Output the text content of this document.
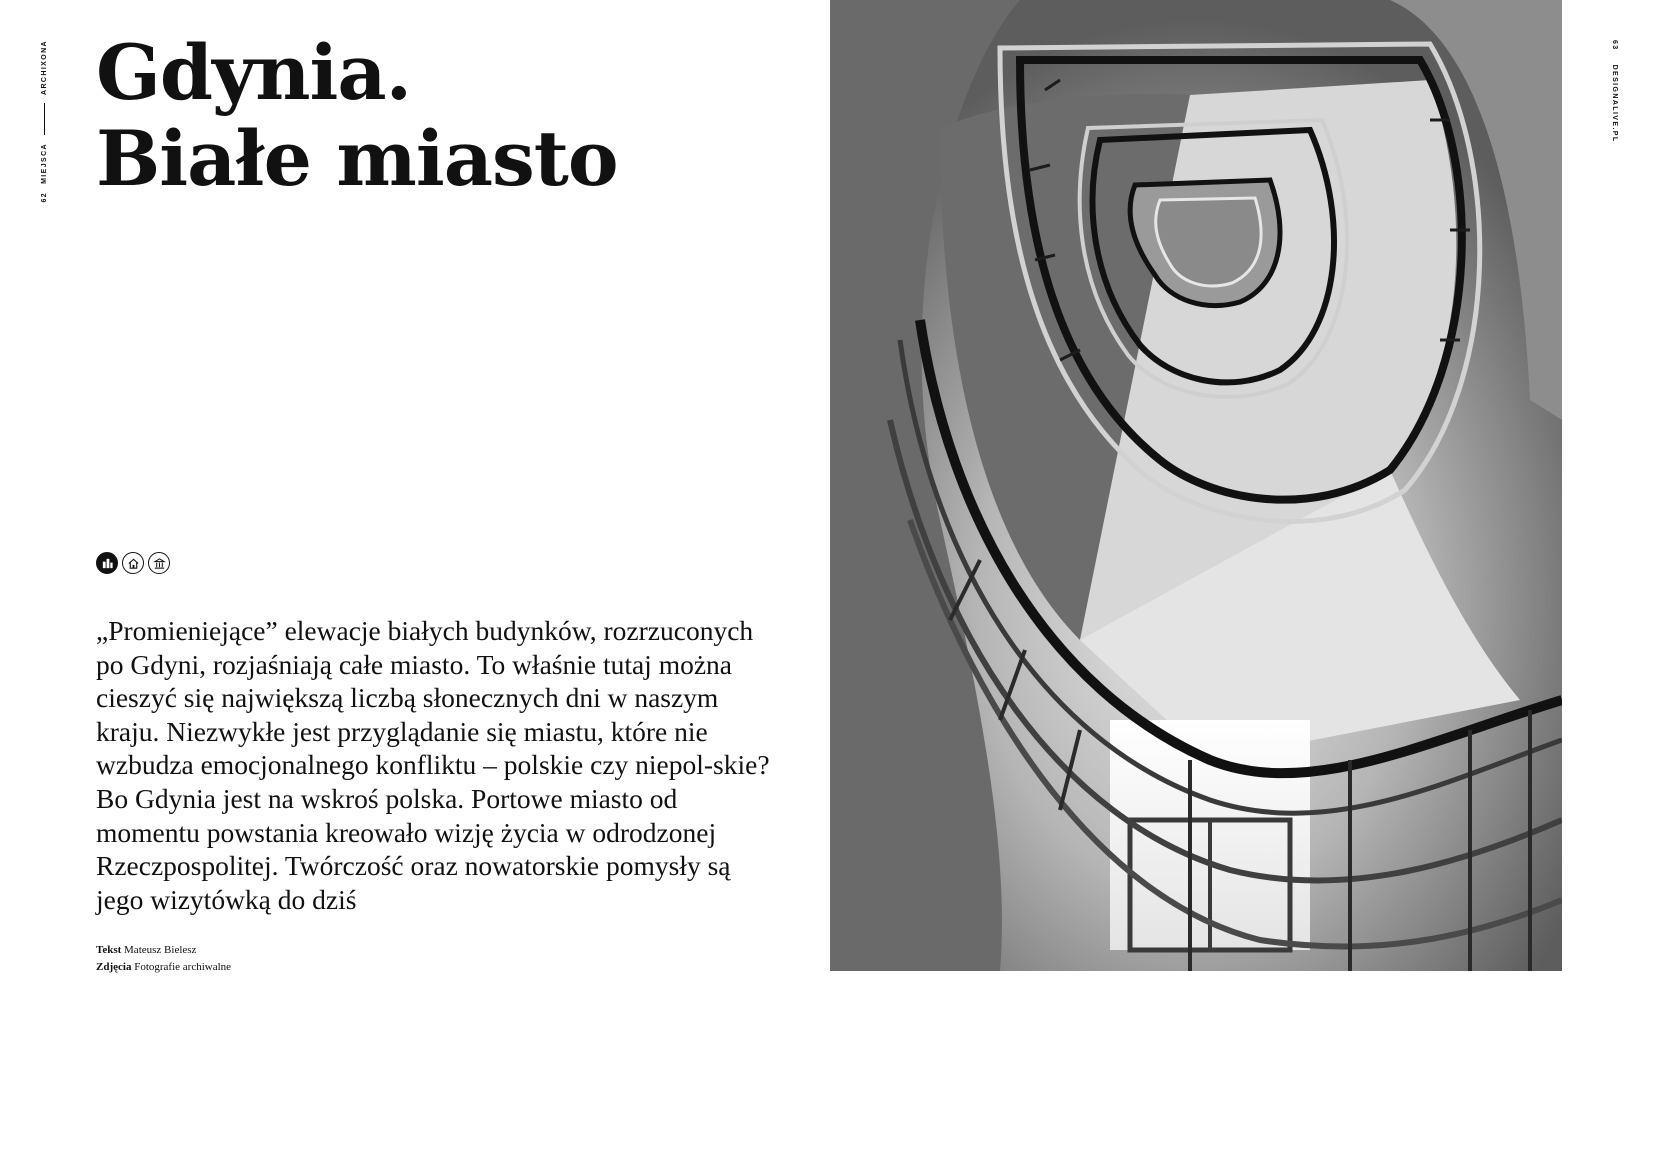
ARCHIXONA
MIEJSCA
62
63
DESIGNALIVE.PL
Gdynia.
Białe miasto

„Promieniejące” elewacje białych budynków, rozrzuconych po Gdyni, rozjaśniają całe miasto. To właśnie tutaj można cieszyć się największą liczbą słonecznych dni w naszym kraju. Niezwykłe jest przyglądanie się miastu, które nie wzbudza emocjonalnego konfliktu – polskie czy niepol-skie? Bo Gdynia jest na wskroś polska. Portowe miasto od momentu powstania kreowało wizję życia w odrodzonej Rzeczpospolitej. Twórczość oraz nowatorskie pomysły są jego wizytówką do dziś

Tekst Mateusz Bielesz
Zdjęcia Fotografie archiwalne
